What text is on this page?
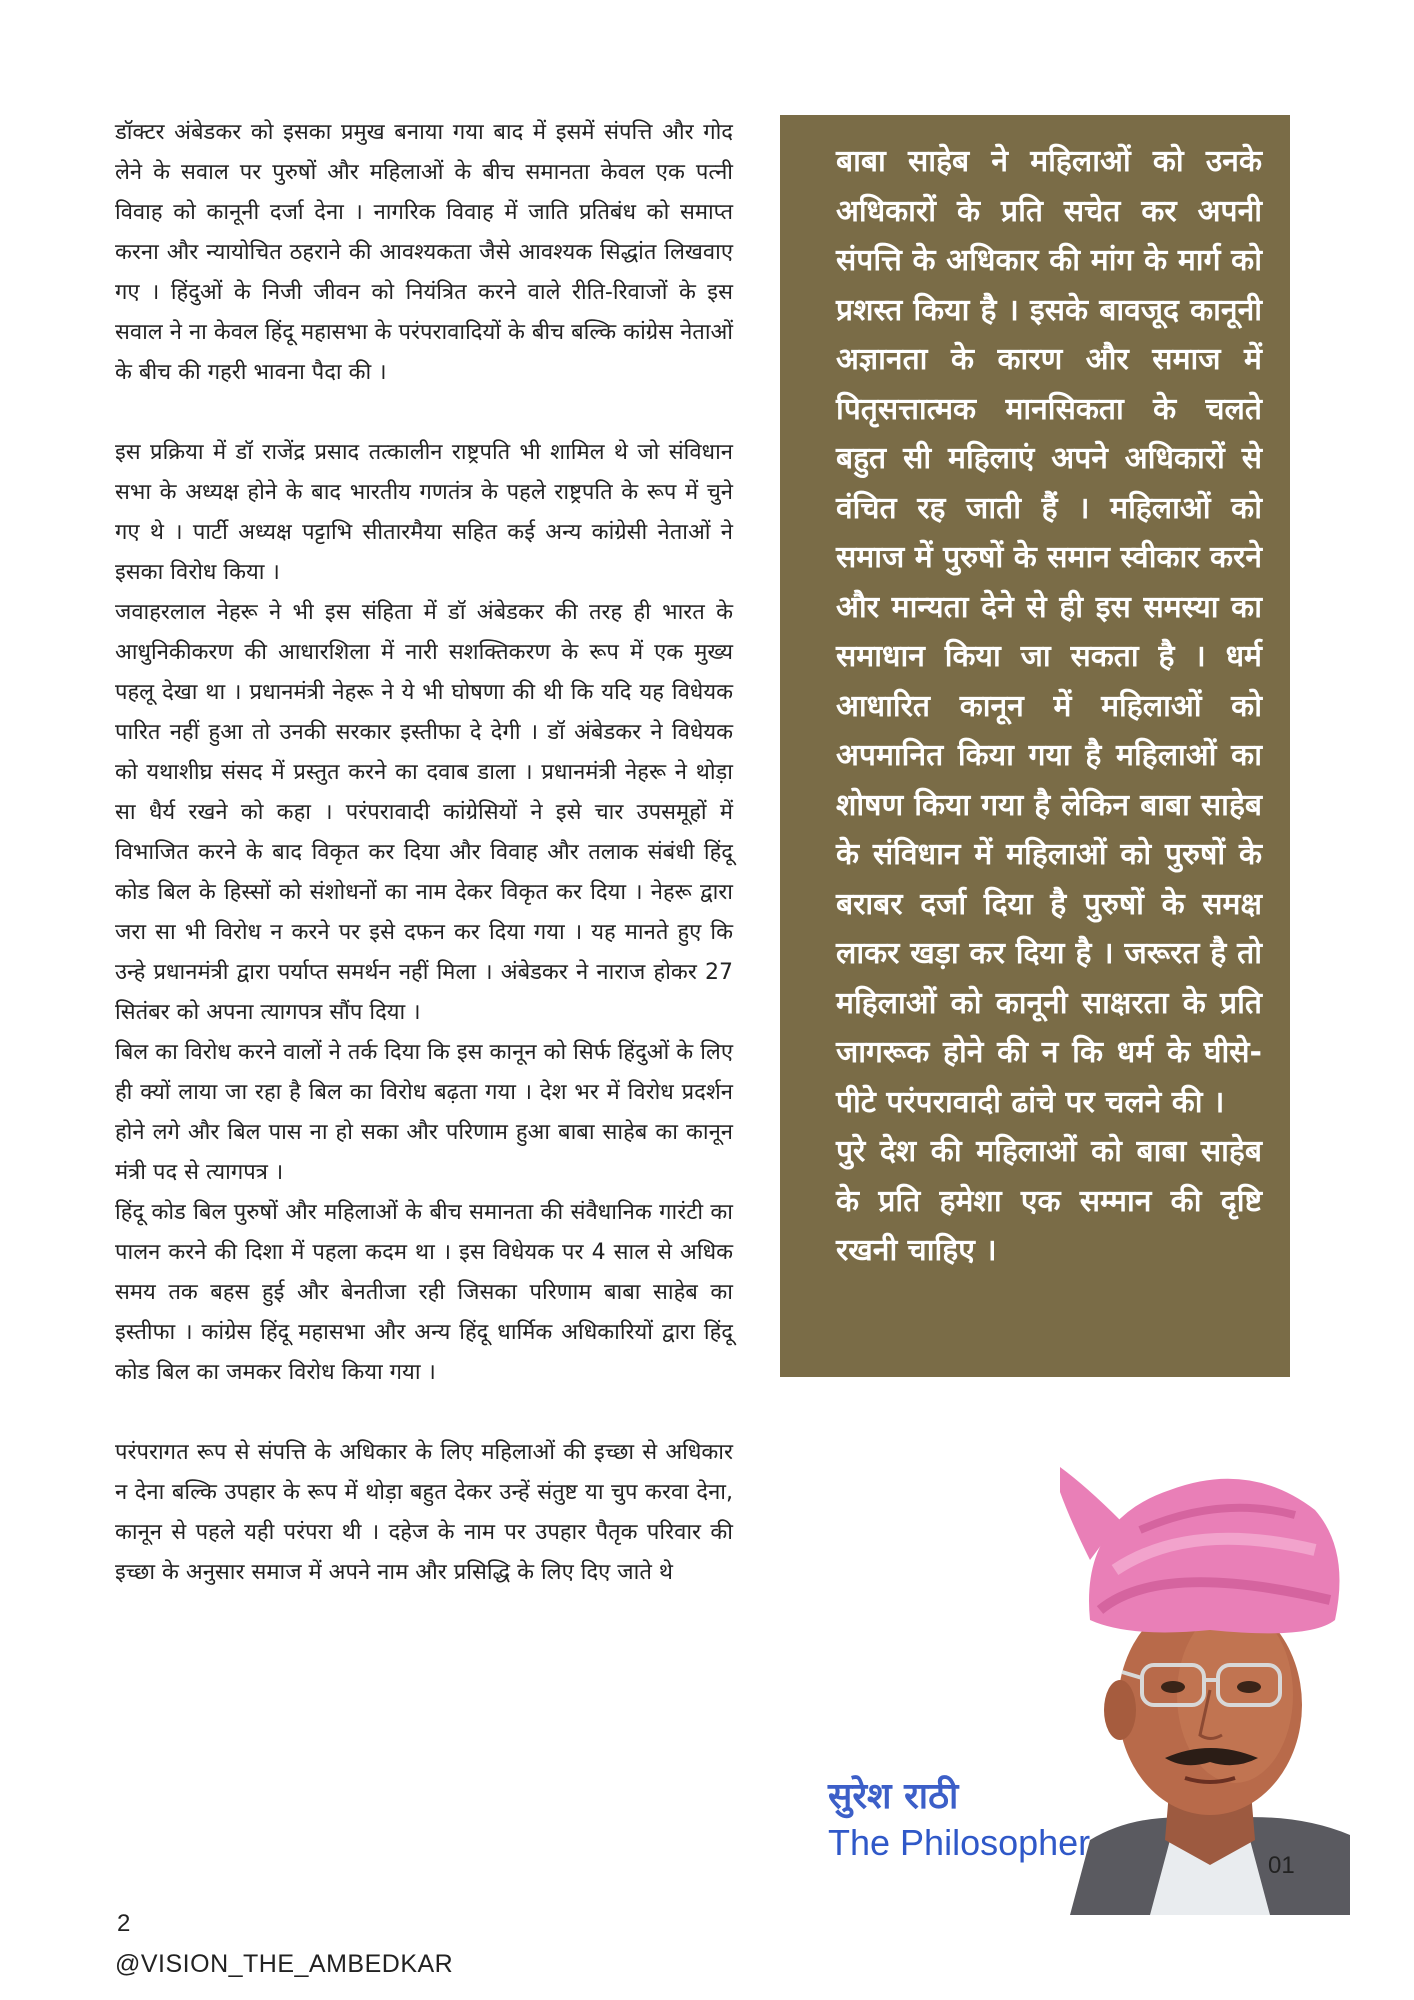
डॉक्टर अंबेडकर को इसका प्रमुख बनाया गया बाद में इसमें संपत्ति और गोद लेने के सवाल पर पुरुषों और महिलाओं के बीच समानता केवल एक पत्नी विवाह को कानूनी दर्जा देना । नागरिक विवाह में जाति प्रतिबंध को समाप्त करना और न्यायोचित ठहराने की आवश्यकता जैसे आवश्यक सिद्धांत लिखवाए गए । हिंदुओं के निजी जीवन को नियंत्रित करने वाले रीति-रिवाजों के इस सवाल ने ना केवल हिंदू महासभा के परंपरावादियों के बीच बल्कि कांग्रेस नेताओं के बीच की गहरी भावना पैदा की ।

इस प्रक्रिया में डॉ राजेंद्र प्रसाद तत्कालीन राष्ट्रपति भी शामिल थे जो संविधान सभा के अध्यक्ष होने के बाद भारतीय गणतंत्र के पहले राष्ट्रपति के रूप में चुने गए थे । पार्टी अध्यक्ष पट्टाभि सीतारमैया सहित कई अन्य कांग्रेसी नेताओं ने इसका विरोध किया ।

जवाहरलाल नेहरू ने भी इस संहिता में डॉ अंबेडकर की तरह ही भारत के आधुनिकीकरण की आधारशिला में नारी सशक्तिकरण के रूप में एक मुख्य पहलू देखा था । प्रधानमंत्री नेहरू ने ये भी घोषणा की थी कि यदि यह विधेयक पारित नहीं हुआ तो उनकी सरकार इस्तीफा दे देगी । डॉ अंबेडकर ने विधेयक को यथाशीघ्र संसद में प्रस्तुत करने का दवाब डाला । प्रधानमंत्री नेहरू ने थोड़ा सा धैर्य रखने को कहा । परंपरावादी कांग्रेसियों ने इसे चार उपसमूहों में विभाजित करने के बाद विकृत कर दिया और विवाह और तलाक संबंधी हिंदू कोड बिल के हिस्सों को संशोधनों का नाम देकर विकृत कर दिया । नेहरू द्वारा जरा सा भी विरोध न करने पर इसे दफन कर दिया गया । यह मानते हुए कि उन्हे प्रधानमंत्री द्वारा पर्याप्त समर्थन नहीं मिला । अंबेडकर ने नाराज होकर 27 सितंबर को अपना त्यागपत्र सौंप दिया ।

बिल का विरोध करने वालों ने तर्क दिया कि इस कानून को सिर्फ हिंदुओं के लिए ही क्यों लाया जा रहा है बिल का विरोध बढ़ता गया । देश भर में विरोध प्रदर्शन होने लगे और बिल पास ना हो सका और परिणाम हुआ बाबा साहेब का कानून मंत्री पद से त्यागपत्र ।

हिंदू कोड बिल पुरुषों और महिलाओं के बीच समानता की संवैधानिक गारंटी का पालन करने की दिशा में पहला कदम था । इस विधेयक पर 4 साल से अधिक समय तक बहस हुई और बेनतीजा रही जिसका परिणाम बाबा साहेब का इस्तीफा । कांग्रेस हिंदू महासभा और अन्य हिंदू धार्मिक अधिकारियों द्वारा हिंदू कोड बिल का जमकर विरोध किया गया ।

परंपरागत रूप से संपत्ति के अधिकार के लिए महिलाओं की इच्छा से अधिकार न देना बल्कि उपहार के रूप में थोड़ा बहुत देकर उन्हें संतुष्ट या चुप करवा देना, कानून से पहले यही परंपरा थी । दहेज के नाम पर उपहार पैतृक परिवार की इच्छा के अनुसार समाज में अपने नाम और प्रसिद्धि के लिए दिए जाते थे

बाबा साहेब ने महिलाओं को उनके अधिकारों के प्रति सचेत कर अपनी संपत्ति के अधिकार की मांग के मार्ग को प्रशस्त किया है । इसके बावजूद कानूनी अज्ञानता के कारण और समाज में पितृसत्तात्मक मानसिकता के चलते बहुत सी महिलाएं अपने अधिकारों से वंचित रह जाती हैं । महिलाओं को समाज में पुरुषों के समान स्वीकार करने और मान्यता देने से ही इस समस्या का समाधान किया जा सकता है । धर्म आधारित कानून में महिलाओं को अपमानित किया गया है महिलाओं का शोषण किया गया है लेकिन बाबा साहेब के संविधान में महिलाओं को पुरुषों के बराबर दर्जा दिया है पुरुषों के समक्ष लाकर खड़ा कर दिया है । जरूरत है तो महिलाओं को कानूनी साक्षरता के प्रति जागरूक होने की न कि धर्म के घीसे-पीटे परंपरावादी ढांचे पर चलने की ।

पुरे देश की महिलाओं को बाबा साहेब के प्रति हमेशा एक सम्मान की दृष्टि रखनी चाहिए ।

सुरेश राठी
The Philosopher
01
2
@VISION_THE_AMBEDKAR
